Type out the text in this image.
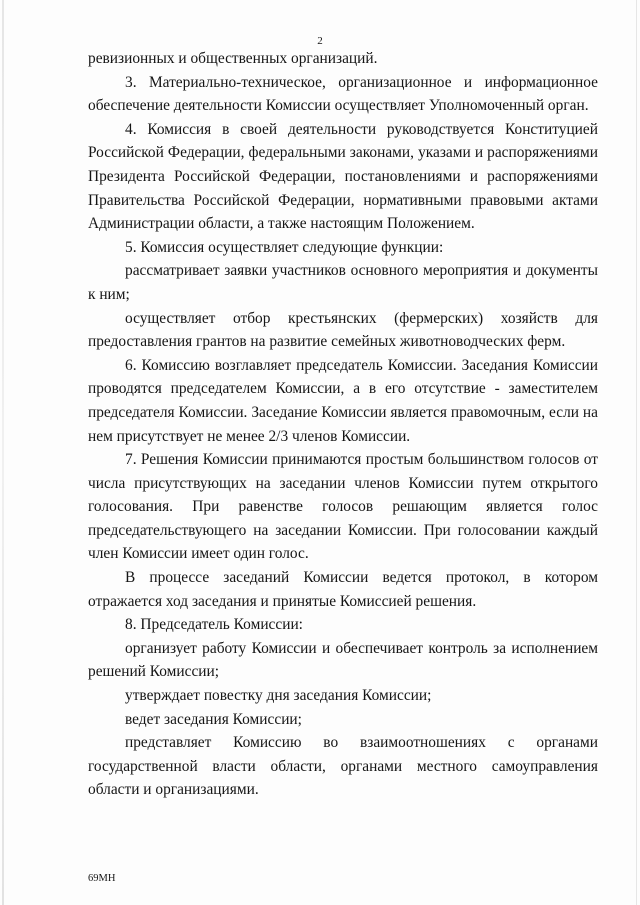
2

ревизионных и общественных организаций.

3. Материально-техническое, организационное и информационное обеспечение деятельности Комиссии осуществляет Уполномоченный орган.

4. Комиссия в своей деятельности руководствуется Конституцией Российской Федерации, федеральными законами, указами и распоряжениями Президента Российской Федерации, постановлениями и распоряжениями Правительства Российской Федерации, нормативными правовыми актами Администрации области, а также настоящим Положением.

5. Комиссия осуществляет следующие функции:

рассматривает заявки участников основного мероприятия и документы к ним;

осуществляет отбор крестьянских (фермерских) хозяйств для предоставления грантов на развитие семейных животноводческих ферм.

6. Комиссию возглавляет председатель Комиссии. Заседания Комиссии проводятся председателем Комиссии, а в его отсутствие - заместителем председателя Комиссии. Заседание Комиссии является правомочным, если на нем присутствует не менее 2/3 членов Комиссии.

7. Решения Комиссии принимаются простым большинством голосов от числа присутствующих на заседании членов Комиссии путем открытого голосования. При равенстве голосов решающим является голос председательствующего на заседании Комиссии. При голосовании каждый член Комиссии имеет один голос.

В процессе заседаний Комиссии ведется протокол, в котором отражается ход заседания и принятые Комиссией решения.

8. Председатель Комиссии:

организует работу Комиссии и обеспечивает контроль за исполнением решений Комиссии;

утверждает повестку дня заседания Комиссии;

ведет заседания Комиссии;

представляет Комиссию во взаимоотношениях с органами государственной власти области, органами местного самоуправления области и организациями.

69МН
